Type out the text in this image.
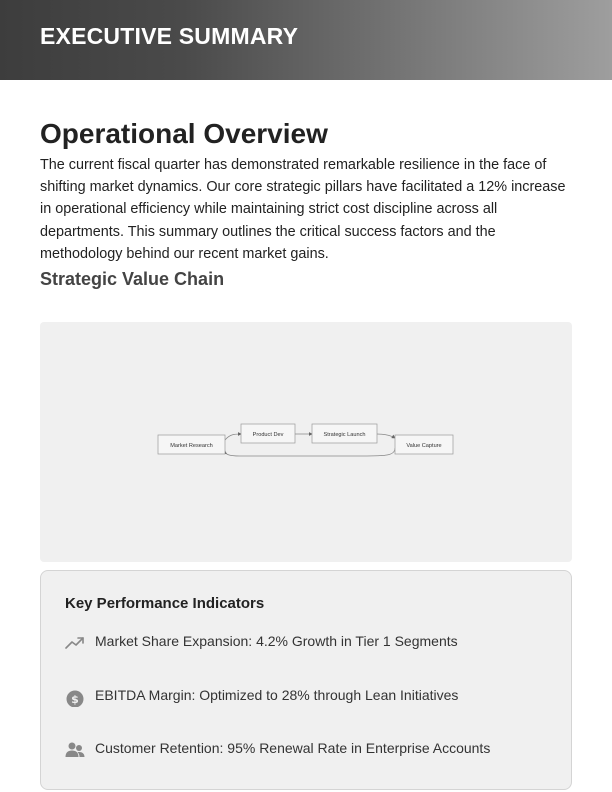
EXECUTIVE SUMMARY
Operational Overview

The current fiscal quarter has demonstrated remarkable resilience in the face of shifting market dynamics. Our core strategic pillars have facilitated a 12% increase in operational efficiency while maintaining strict cost discipline across all departments. This summary outlines the critical success factors and the methodology behind our recent market gains.

Strategic Value Chain
Market Research
Product Dev	Strategic Launch
Value Capture
Key Performance Indicators
Market Share Expansion: 4.2% Growth in Tier 1 Segments
$ EBITDA Margin: Optimized to 28% through Lean Initiatives
Customer Retention: 95% Renewal Rate in Enterprise Accounts
